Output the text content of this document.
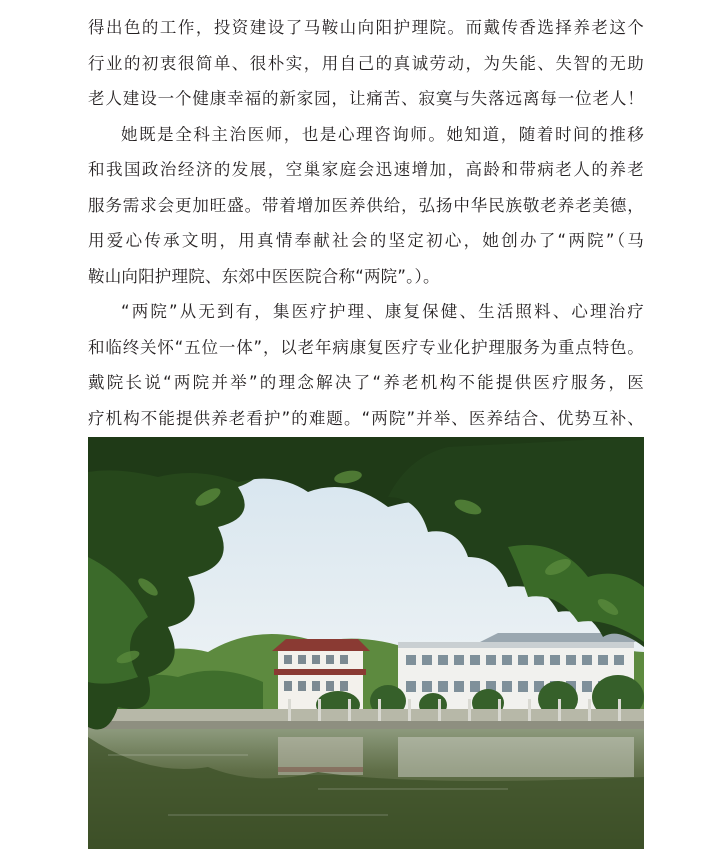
得出色的工作，投资建设了马鞍山向阳护理院。而戴传香选择养老这个

行业的初衷很简单、很朴实，用自己的真诚劳动，为失能、失智的无助

老人建设一个健康幸福的新家园，让痛苦、寂寞与失落远离每一位老人！

她既是全科主治医师，也是心理咨询师。她知道，随着时间的推移

和我国政治经济的发展，空巢家庭会迅速增加，高龄和带病老人的养老

服务需求会更加旺盛。带着增加医养供给，弘扬中华民族敬老养老美德，

用爱心传承文明，用真情奉献社会的坚定初心，她创办了“两院”（马

鞍山向阳护理院、东郊中医医院合称“两院”。）。

“两院”从无到有，集医疗护理、康复保健、生活照料、心理治疗

和临终关怀“五位一体”，以老年病康复医疗专业化护理服务为重点特色。

戴院长说“两院并举”的理念解决了“养老机构不能提供医疗服务，医

疗机构不能提供养老看护”的难题。“两院”并举、医养结合、优势互补、
